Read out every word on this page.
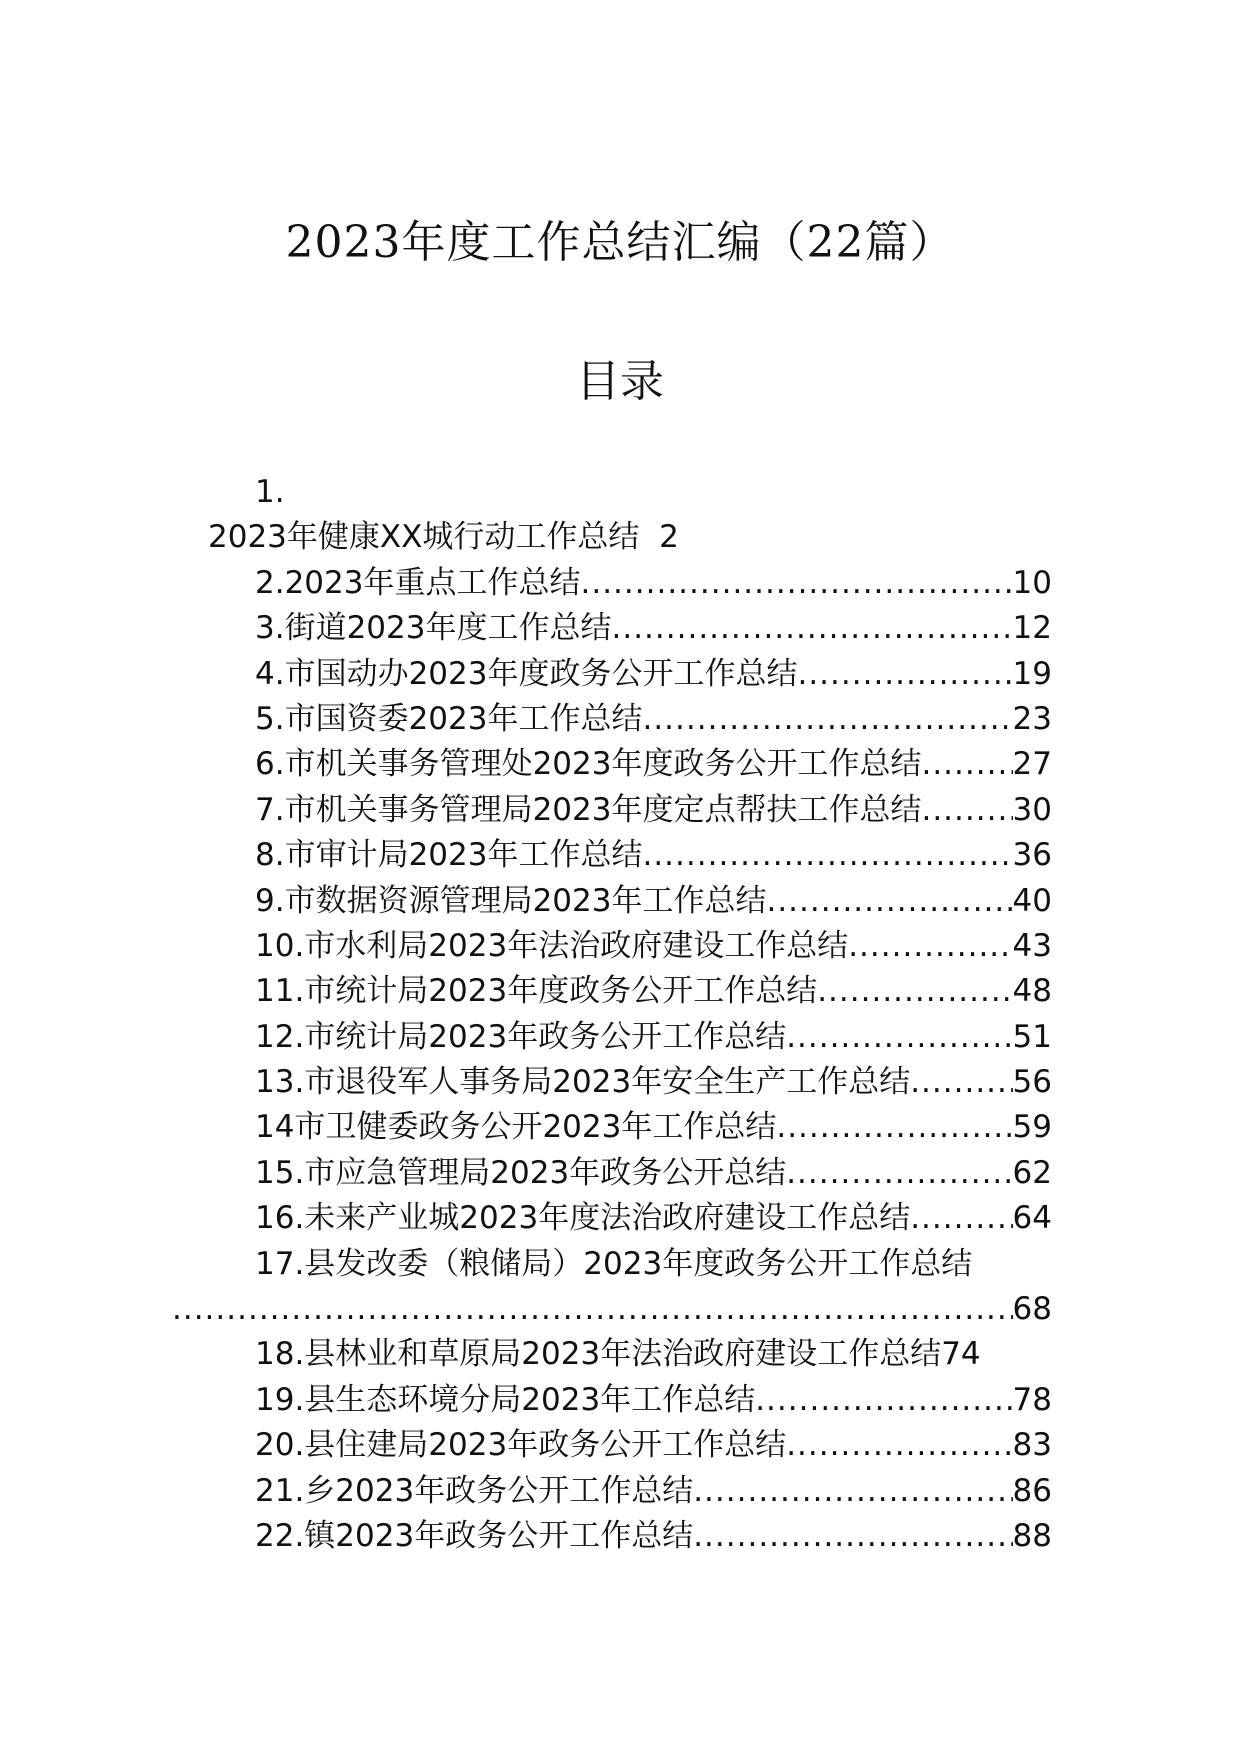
2023年度工作总结汇编（22篇）
目录
1.
2023年健康XX城行动工作总结 2
2.2023年重点工作总结 .....	10
3.街道2023年度工作总结 .....	12
4.市国动办2023年度政务公开工作总结 .....	19
5.市国资委2023年工作总结 .....	23
6.市机关事务管理处2023年度政务公开工作总结 .....	27
7.市机关事务管理局2023年度定点帮扶工作总结 .....	30
8.市审计局2023年工作总结 .....	36
9.市数据资源管理局2023年工作总结 .....	40
10.市水利局2023年法治政府建设工作总结 .....	43
11.市统计局2023年度政务公开工作总结 .....	48
12.市统计局2023年政务公开工作总结 .....	51
13.市退役军人事务局2023年安全生产工作总结 .....	56
14市卫健委政务公开2023年工作总结 .....	59
15.市应急管理局2023年政务公开总结 .....	62
16.未来产业城2023年度法治政府建设工作总结 .....	64
17.县发改委（粮储局）2023年度政务公开工作总结
.....
68
18.县林业和草原局2023年法治政府建设工作总结74
19.县生态环境分局2023年工作总结 .....	78
20.县住建局2023年政务公开工作总结 .....	83
21.乡2023年政务公开工作总结 .....	86
22.镇2023年政务公开工作总结 .....	88
